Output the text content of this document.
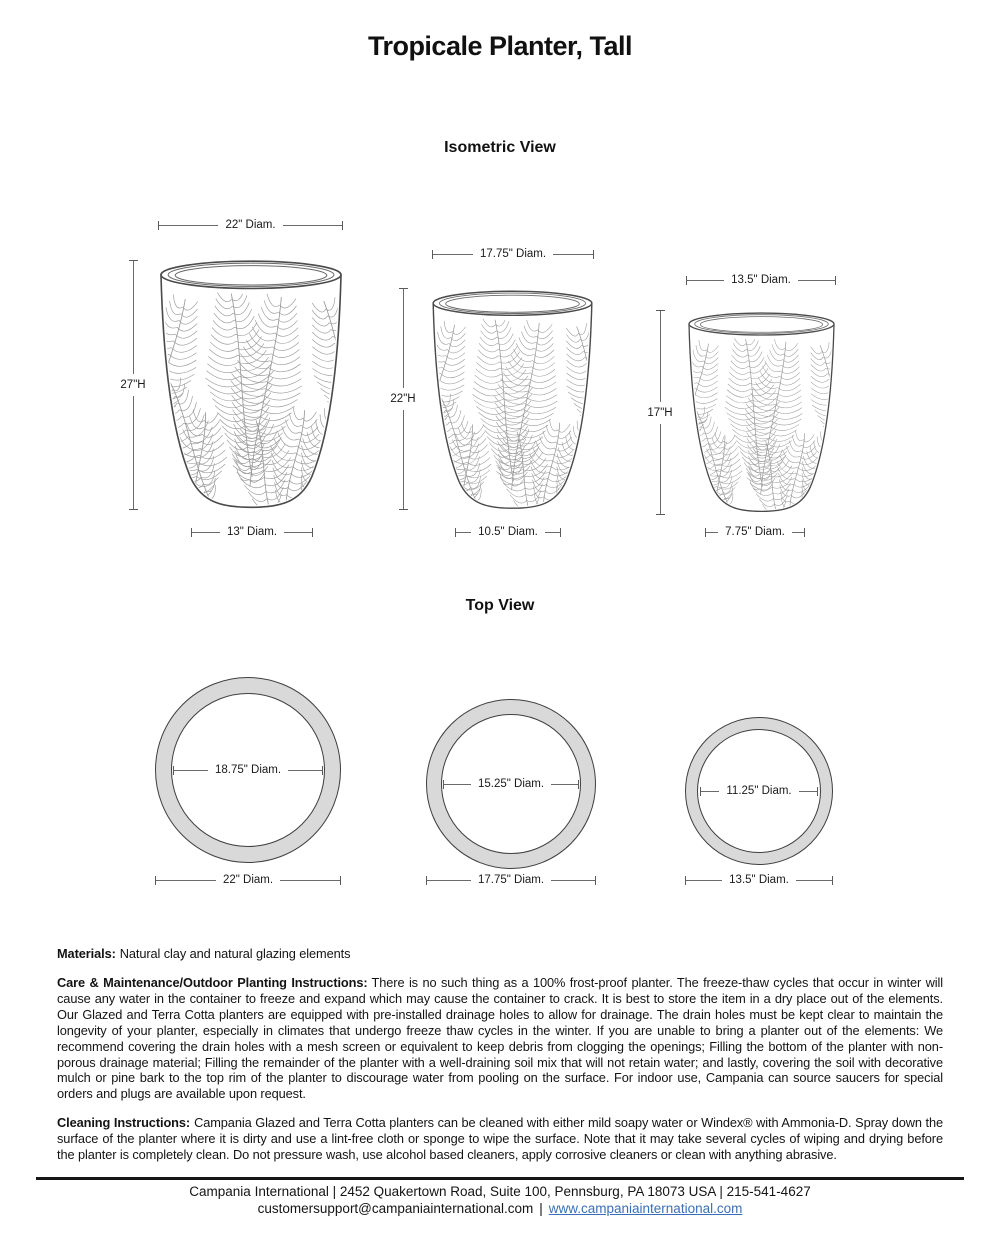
Tropicale Planter, Tall
Isometric View
22" Diam.
27"H
13" Diam.
17.75" Diam.
22"H
10.5" Diam.
13.5" Diam.
17"H
7.75" Diam.
Top View
18.75" Diam.
22" Diam.
15.25" Diam.
17.75" Diam.
11.25" Diam.
13.5" Diam.

Materials: Natural clay and natural glazing elements

Care & Maintenance/Outdoor Planting Instructions: There is no such thing as a 100% frost-proof planter. The freeze-thaw cycles that occur in winter will cause any water in the container to freeze and expand which may cause the container to crack. It is best to store the item in a dry place out of the elements. Our Glazed and Terra Cotta planters are equipped with pre-installed drainage holes to allow for drainage. The drain holes must be kept clear to maintain the longevity of your planter, especially in climates that undergo freeze thaw cycles in the winter. If you are unable to bring a planter out of the elements: We recommend covering the drain holes with a mesh screen or equivalent to keep debris from clogging the openings; Filling the bottom of the planter with non-porous drainage material; Filling the remainder of the planter with a well-draining soil mix that will not retain water; and lastly, covering the soil with decorative mulch or pine bark to the top rim of the planter to discourage water from pooling on the surface. For indoor use, Campania can source saucers for special orders and plugs are available upon request.

Cleaning Instructions: Campania Glazed and Terra Cotta planters can be cleaned with either mild soapy water or Windex® with Ammonia-D. Spray down the surface of the planter where it is dirty and use a lint-free cloth or sponge to wipe the surface. Note that it may take several cycles of wiping and drying before the planter is completely clean. Do not pressure wash, use alcohol based cleaners, apply corrosive cleaners or clean with anything abrasive.

Campania International | 2452 Quakertown Road, Suite 100, Pennsburg, PA 18073 USA | 215-541-4627
customersupport@campaniainternational.com | www.campaniainternational.com
